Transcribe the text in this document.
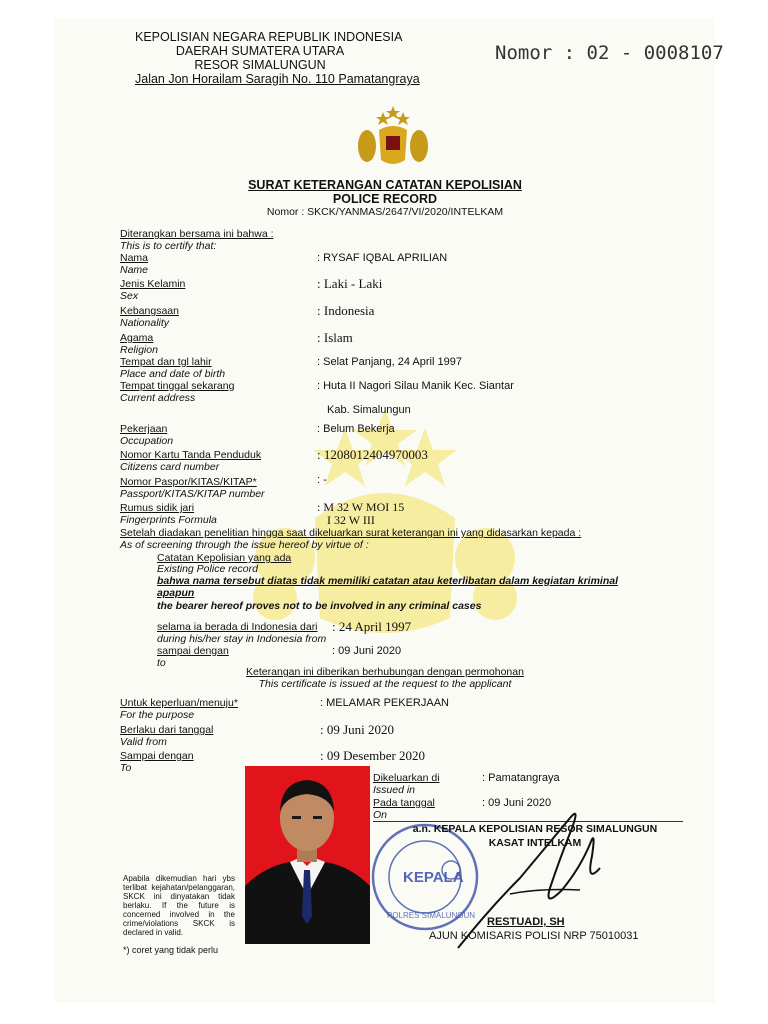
KEPOLISIAN NEGARA REPUBLIK INDONESIA
DAERAH SUMATERA UTARA
RESOR SIMALUNGUN
Jalan Jon Horailam Saragih No. 110 Pamatangraya
Nomor : 02 - 0008107
SURAT KETERANGAN CATATAN KEPOLISIAN
POLICE RECORD
Nomor : SKCK/YANMAS/2647/VI/2020/INTELKAM
Diterangkan bersama ini bahwa :
This is to certify that:
Nama
Name
: RYSAF IQBAL APRILIAN
Jenis Kelamin
Sex
: Laki - Laki
Kebangsaan
Nationality
: Indonesia
Agama
Religion
: Islam
Tempat dan tgl lahir
Place and date of birth
: Selat Panjang, 24 April 1997
Tempat tinggal sekarang
Current address
: Huta II Nagori Silau Manik Kec. Siantar
Kab. Simalungun
Pekerjaan
Occupation
: Belum Bekerja
Nomor Kartu Tanda Penduduk
Citizens card number
: 1208012404970003
Nomor Paspor/KITAS/KITAP*
Passport/KITAS/KITAP number
: -
Rumus sidik jari
Fingerprints Formula
: M 32 W MOI 15
I 32 W III
Setelah diadakan penelitian hingga saat dikeluarkan surat keterangan ini yang didasarkan kepada :
As of screening through the issue hereof by virtue of :
Catatan Kepolisian yang ada
Existing Police record
bahwa nama tersebut diatas tidak memiliki catatan atau keterlibatan dalam kegiatan kriminal
apapun
the bearer hereof proves not to be involved in any criminal cases
selama ia berada di Indonesia dari
during his/her stay in Indonesia from
: 24 April 1997
sampai dengan
to
: 09 Juni 2020
Keterangan ini diberikan berhubungan dengan permohonan
This certificate is issued at the request to the applicant
Untuk keperluan/menuju*
For the purpose
: MELAMAR PEKERJAAN
Berlaku dari tanggal
Valid from
: 09 Juni 2020
Sampai dengan
To
: 09 Desember 2020
Dikeluarkan di
Issued in
: Pamatangraya
Pada tanggal
On
: 09 Juni 2020
KEPALA
POLRES SIMALUNGUN
a.n. KEPALA KEPOLISIAN RESOR SIMALUNGUN
KASAT INTELKAM
RESTUADI, SH
AJUN KOMISARIS POLISI NRP 75010031
Apabila dikemudian hari ybs terlibat kejahatan/pelanggaran, SKCK ini dinyatakan tidak berlaku. If the future is concerned involved in the crime/violations SKCK is declared in valid.
*) coret yang tidak perlu
